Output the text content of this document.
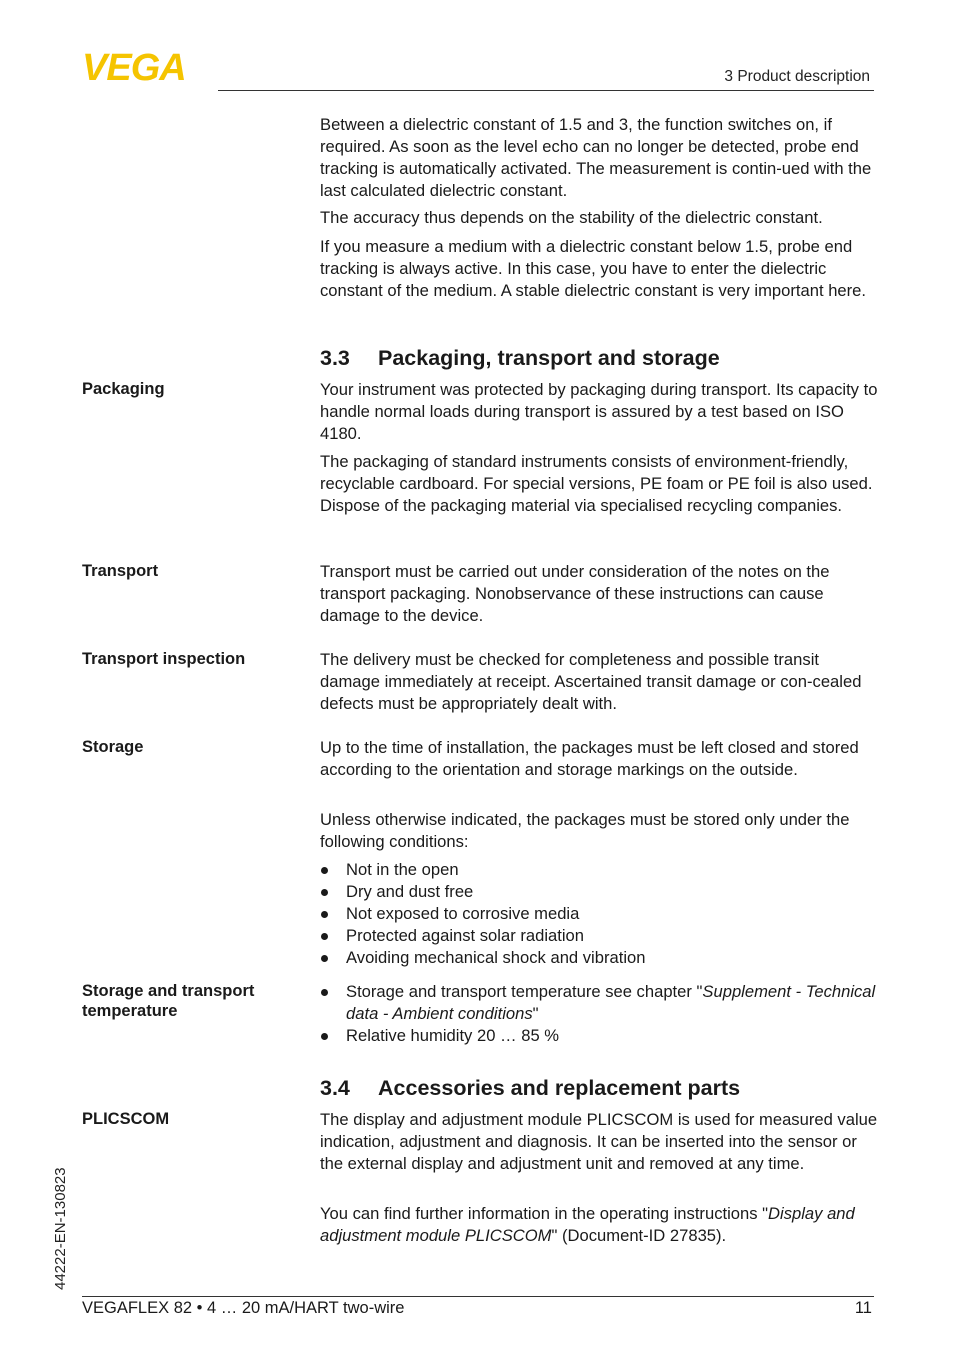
VEGA	3 Product description

Between a dielectric constant of 1.5 and 3, the function switches on, if required. As soon as the level echo can no longer be detected, probe end tracking is automatically activated. The measurement is contin-ued with the last calculated dielectric constant.

The accuracy thus depends on the stability of the dielectric constant.

If you measure a medium with a dielectric constant below 1.5, probe end tracking is always active. In this case, you have to enter the dielectric constant of the medium. A stable dielectric constant is very important here.

3.3 Packaging, transport and storage
Packaging	Your instrument was protected by packaging during transport. Its capacity to handle normal loads during transport is assured by a test based on ISO 4180.

The packaging of standard instruments consists of environment-friendly, recyclable cardboard. For special versions, PE foam or PE foil is also used. Dispose of the packaging material via specialised recycling companies.

Transport	Transport must be carried out under consideration of the notes on the transport packaging. Nonobservance of these instructions can cause damage to the device.

Transport inspection	The delivery must be checked for completeness and possible transit damage immediately at receipt. Ascertained transit damage or con-cealed defects must be appropriately dealt with.

Storage	Up to the time of installation, the packages must be left closed and stored according to the orientation and storage markings on the outside.

Unless otherwise indicated, the packages must be stored only under the following conditions:

Not in the open
Dry and dust free
Not exposed to corrosive media
Protected against solar radiation
Avoiding mechanical shock and vibration
Storage and transport temperature
Storage and transport temperature see chapter "Supplement - Technical data - Ambient conditions"
Relative humidity 20 … 85 %
3.4 Accessories and replacement parts
PLICSCOM	The display and adjustment module PLICSCOM is used for measured value indication, adjustment and diagnosis. It can be inserted into the sensor or the external display and adjustment unit and removed at any time.

You can find further information in the operating instructions "Display and adjustment module PLICSCOM" (Document-ID 27835).

44222-EN-130823
VEGAFLEX 82 • 4 … 20 mA/HART two-wire	11
